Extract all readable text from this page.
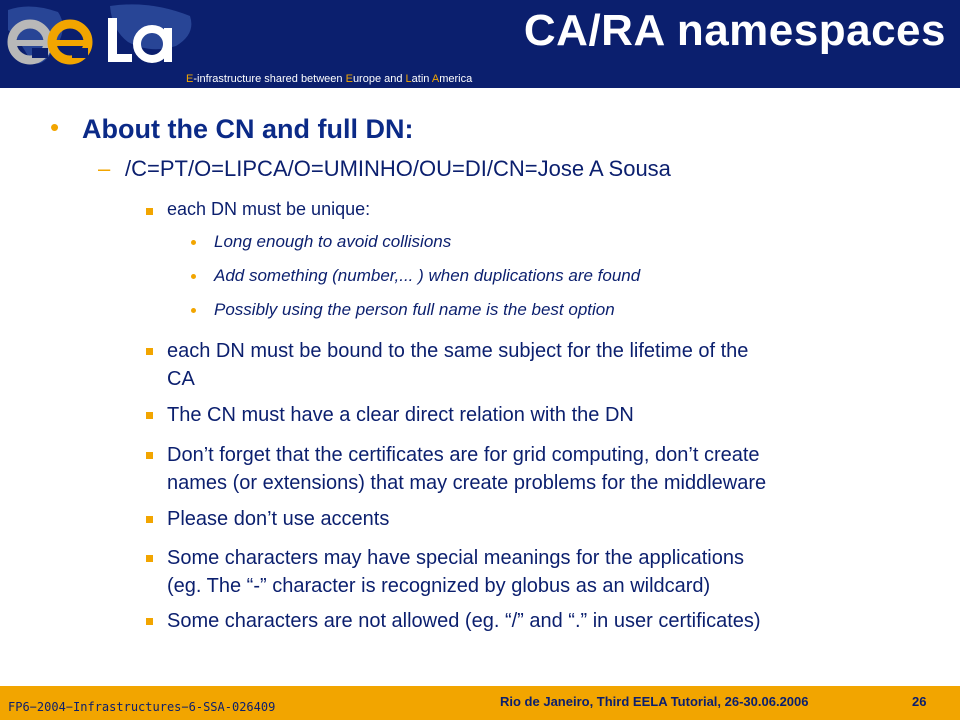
E-infrastructure shared between Europe and Latin America
CA/RA namespaces
• About the CN and full DN:
– /C=PT/O=LIPCA/O=UMINHO/OU=DI/CN=Jose A Sousa
each DN must be unique:
Long enough to avoid collisions
Add something (number,... ) when duplications are found
Possibly using the person full name is the best option
each DN must be bound to the same subject for the lifetime of the
CA
The CN must have a clear direct relation with the DN
Don’t forget that the certificates are for grid computing, don’t create
names (or extensions) that may create problems for the middleware
Please don’t use accents
Some characters may have special meanings for the applications
(eg. The “-” character is recognized by globus as an wildcard)
Some characters are not allowed (eg. “/” and “.” in user certificates)
FP6−2004−Infrastructures−6-SSA-026409	Rio de Janeiro, Third EELA Tutorial, 26-30.06.2006	26
